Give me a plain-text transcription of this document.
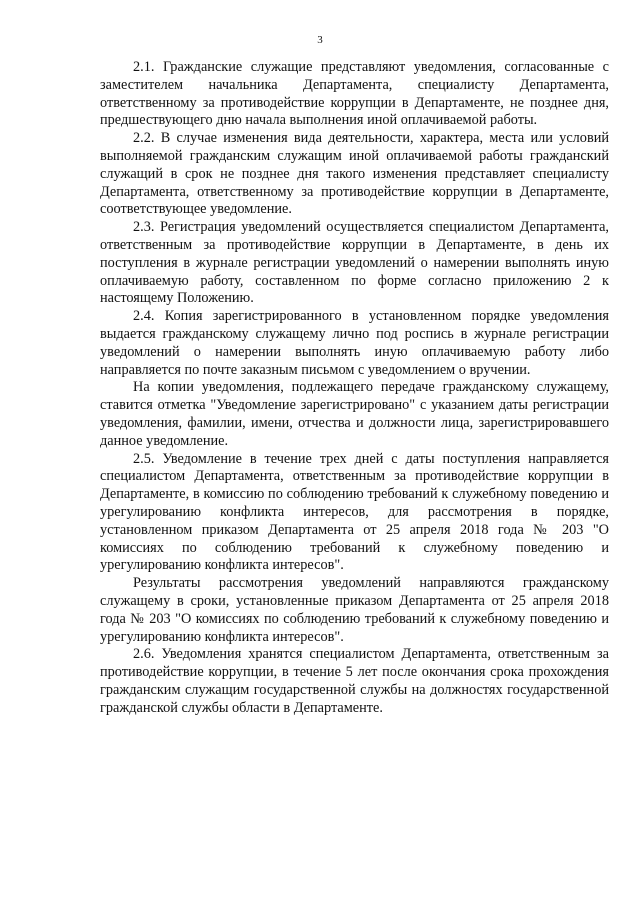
3

2.1. Гражданские служащие представляют уведомления, согласованные с заместителем начальника Департамента, специалисту Департамента, ответственному за противодействие коррупции в Департаменте, не позднее дня, предшествующего дню начала выполнения иной оплачиваемой работы.

2.2. В случае изменения вида деятельности, характера, места или условий выполняемой гражданским служащим иной оплачиваемой работы гражданский служащий в срок не позднее дня такого изменения представляет специалисту Департамента, ответственному за противодействие коррупции в Департаменте, соответствующее уведомление.

2.3. Регистрация уведомлений осуществляется специалистом Департамента, ответственным за противодействие коррупции в Департаменте, в день их поступления в журнале регистрации уведомлений о намерении выполнять иную оплачиваемую работу, составленном по форме согласно приложению 2 к настоящему Положению.

2.4. Копия зарегистрированного в установленном порядке уведомления выдается гражданскому служащему лично под роспись в журнале регистрации уведомлений о намерении выполнять иную оплачиваемую работу либо направляется по почте заказным письмом с уведомлением о вручении.

На копии уведомления, подлежащего передаче гражданскому служащему, ставится отметка "Уведомление зарегистрировано" с указанием даты регистрации уведомления, фамилии, имени, отчества и должности лица, зарегистрировавшего данное уведомление.

2.5. Уведомление в течение трех дней с даты поступления направляется специалистом Департамента, ответственным за противодействие коррупции в Департаменте, в комиссию по соблюдению требований к служебному поведению и урегулированию конфликта интересов, для рассмотрения в порядке, установленном приказом Департамента от 25 апреля 2018 года № 203 "О комиссиях по соблюдению требований к служебному поведению и урегулированию конфликта интересов".

Результаты рассмотрения уведомлений направляются гражданскому служащему в сроки, установленные приказом Департамента от 25 апреля 2018 года № 203 "О комиссиях по соблюдению требований к служебному поведению и урегулированию конфликта интересов".

2.6. Уведомления хранятся специалистом Департамента, ответственным за противодействие коррупции, в течение 5 лет после окончания срока прохождения гражданским служащим государственной службы на должностях государственной гражданской службы области в Департаменте.
